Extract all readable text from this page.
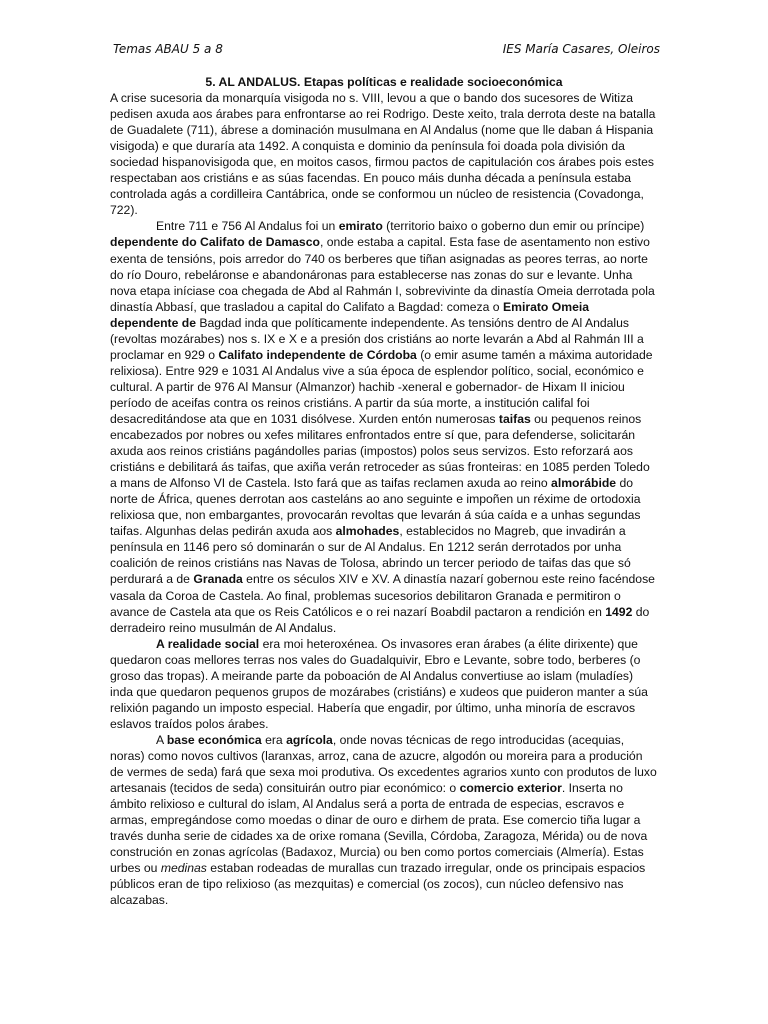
Temas ABAU 5 a 8	IES María Casares, Oleiros

5. AL ANDALUS. Etapas políticas e realidade socioeconómica

A crise sucesoria da monarquía visigoda no s. VIII, levou a que o bando dos sucesores de Witiza pedisen axuda aos árabes para enfrontarse ao rei Rodrigo. Deste xeito, trala derrota deste na batalla de Guadalete (711), ábrese a dominación musulmana en Al Andalus (nome que lle daban á Hispania visigoda) e que duraría ata 1492. A conquista e dominio da península foi doada pola división da sociedad hispanovisigoda que, en moitos casos, firmou pactos de capitulación cos árabes pois estes respectaban aos cristiáns e as súas facendas. En pouco máis dunha década a península estaba controlada agás a cordilleira Cantábrica, onde se conformou un núcleo de resistencia (Covadonga, 722).

Entre 711 e 756 Al Andalus foi un emirato (territorio baixo o goberno dun emir ou príncipe) dependente do Califato de Damasco, onde estaba a capital. Esta fase de asentamento non estivo exenta de tensións, pois arredor do 740 os berberes que tiñan asignadas as peores terras, ao norte do río Douro, rebeláronse e abandonáronas para establecerse nas zonas do sur e levante. Unha nova etapa iníciase coa chegada de Abd al Rahmán I, sobrevivinte da dinastía Omeia derrotada pola dinastía Abbasí, que trasladou a capital do Califato a Bagdad: comeza o Emirato Omeia dependente de Bagdad inda que políticamente independente. As tensións dentro de Al Andalus (revoltas mozárabes) nos s. IX e X e a presión dos cristiáns ao norte levarán a Abd al Rahmán III a proclamar en 929 o Califato independente de Córdoba (o emir asume tamén a máxima autoridade relixiosa). Entre 929 e 1031 Al Andalus vive a súa época de esplendor político, social, económico e cultural. A partir de 976 Al Mansur (Almanzor) hachib -xeneral e gobernador- de Hixam II iniciou período de aceifas contra os reinos cristiáns. A partir da súa morte, a institución califal foi desacreditándose ata que en 1031 disólvese. Xurden entón numerosas taifas ou pequenos reinos encabezados por nobres ou xefes militares enfrontados entre sí que, para defenderse, solicitarán axuda aos reinos cristiáns pagándolles parias (impostos) polos seus servizos. Esto reforzará aos cristiáns e debilitará ás taifas, que axiña verán retroceder as súas fronteiras: en 1085 perden Toledo a mans de Alfonso VI de Castela. Isto fará que as taifas reclamen axuda ao reino almorábide do norte de África, quenes derrotan aos casteláns ao ano seguinte e impoñen un réxime de ortodoxia relixiosa que, non embargantes, provocarán revoltas que levarán á súa caída e a unhas segundas taifas. Algunhas delas pedirán axuda aos almohades, establecidos no Magreb, que invadirán a península en 1146 pero só dominarán o sur de Al Andalus. En 1212 serán derrotados por unha coalición de reinos cristiáns nas Navas de Tolosa, abrindo un tercer periodo de taifas das que só perdurará a de Granada entre os séculos XIV e XV. A dinastía nazarí gobernou este reino facéndose vasala da Coroa de Castela. Ao final, problemas sucesorios debilitaron Granada e permitiron o avance de Castela ata que os Reis Católicos e o rei nazarí Boabdil pactaron a rendición en 1492 do derradeiro reino musulmán de Al Andalus.

A realidade social era moi heteroxénea. Os invasores eran árabes (a élite dirixente) que quedaron coas mellores terras nos vales do Guadalquivir, Ebro e Levante, sobre todo, berberes (o groso das tropas). A meirande parte da poboación de Al Andalus convertiuse ao islam (muladíes) inda que quedaron pequenos grupos de mozárabes (cristiáns) e xudeos que puideron manter a súa relixión pagando un imposto especial. Habería que engadir, por último, unha minoría de escravos eslavos traídos polos árabes.

A base económica era agrícola, onde novas técnicas de rego introducidas (acequias, noras) como novos cultivos (laranxas, arroz, cana de azucre, algodón ou moreira para a produción de vermes de seda) fará que sexa moi produtiva. Os excedentes agrarios xunto con produtos de luxo artesanais (tecidos de seda) consituirán outro piar económico: o comercio exterior. Inserta no ámbito relixioso e cultural do islam, Al Andalus será a porta de entrada de especias, escravos e armas, empregándose como moedas o dinar de ouro e dirhem de prata. Ese comercio tiña lugar a través dunha serie de cidades xa de orixe romana (Sevilla, Córdoba, Zaragoza, Mérida) ou de nova construción en zonas agrícolas (Badaxoz, Murcia) ou ben como portos comerciais (Almería). Estas urbes ou medinas estaban rodeadas de murallas cun trazado irregular, onde os principais espacios públicos eran de tipo relixioso (as mezquitas) e comercial (os zocos), cun núcleo defensivo nas alcazabas.
